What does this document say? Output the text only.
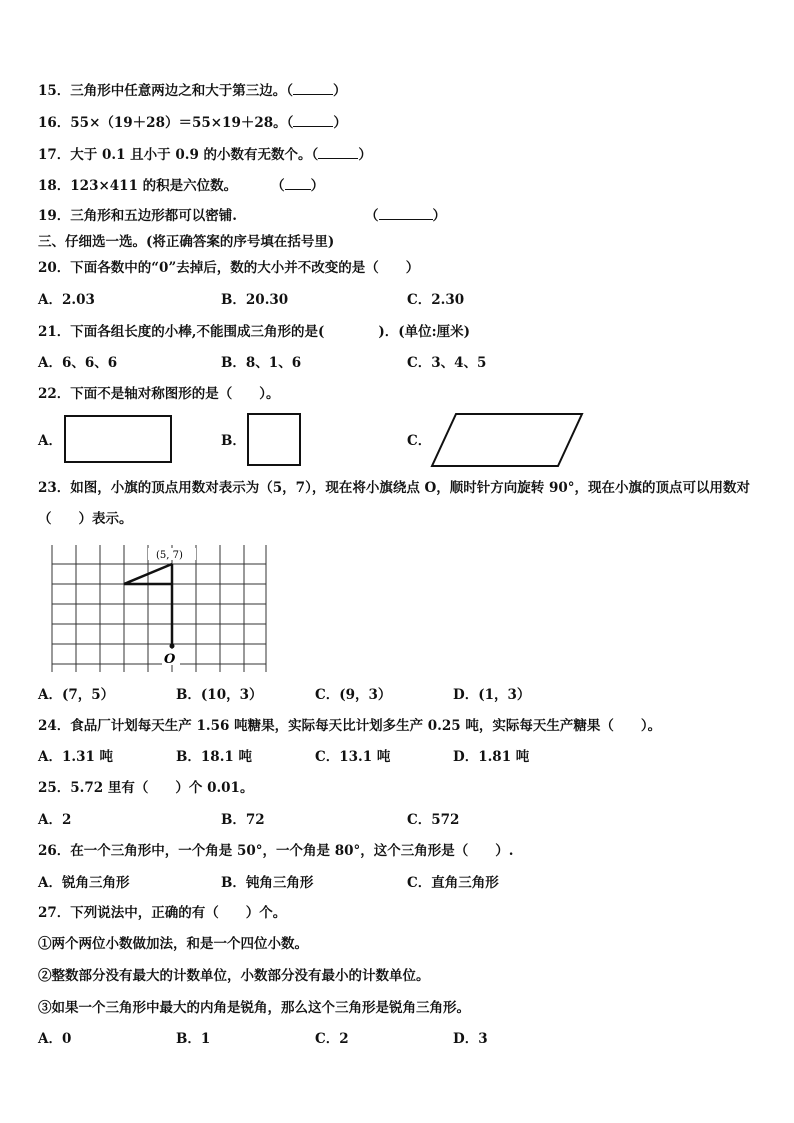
15．三角形中任意两边之和大于第三边。（	）
16．55×（19＋28）＝55×19＋28。（	）
17．大于 0.1 且小于 0.9 的小数有无数个。（	）
18．123×411 的积是六位数。	（ ）
19．三角形和五边形都可以密铺.	（	）
三、仔细选一选。(将正确答案的序号填在括号里)
20．下面各数中的“0”去掉后，数的大小并不改变的是（　　）
A．2.03	B．20.30	C．2.30
21．下面各组长度的小棒,不能围成三角形的是(　　　　)．(单位:厘米)
A．6、6、6	B．8、1、6	C．3、4、5
22．下面不是轴对称图形的是（　　）。
A．	B．	C．
23．如图，小旗的顶点用数对表示为（5，7），现在将小旗绕点 O，顺时针方向旋转 90°，现在小旗的顶点可以用数对
（　　）表示。
(5, 7)
O
A．(7，5）	B．(10，3）	C．(9，3）	D．(1，3）
24．食品厂计划每天生产 1.56 吨糖果，实际每天比计划多生产 0.25 吨，实际每天生产糖果（　　）。
A．1.31 吨	B．18.1 吨	C．13.1 吨	D．1.81 吨
25．5.72 里有（　　）个 0.01。
A．2	B．72	C．572
26．在一个三角形中，一个角是 50°，一个角是 80°，这个三角形是（　　）.
A．锐角三角形	B．钝角三角形	C．直角三角形
27．下列说法中，正确的有（　　）个。
①两个两位小数做加法，和是一个四位小数。
②整数部分没有最大的计数单位，小数部分没有最小的计数单位。
③如果一个三角形中最大的内角是锐角，那么这个三角形是锐角三角形。
A．0	B．1	C．2	D．3
